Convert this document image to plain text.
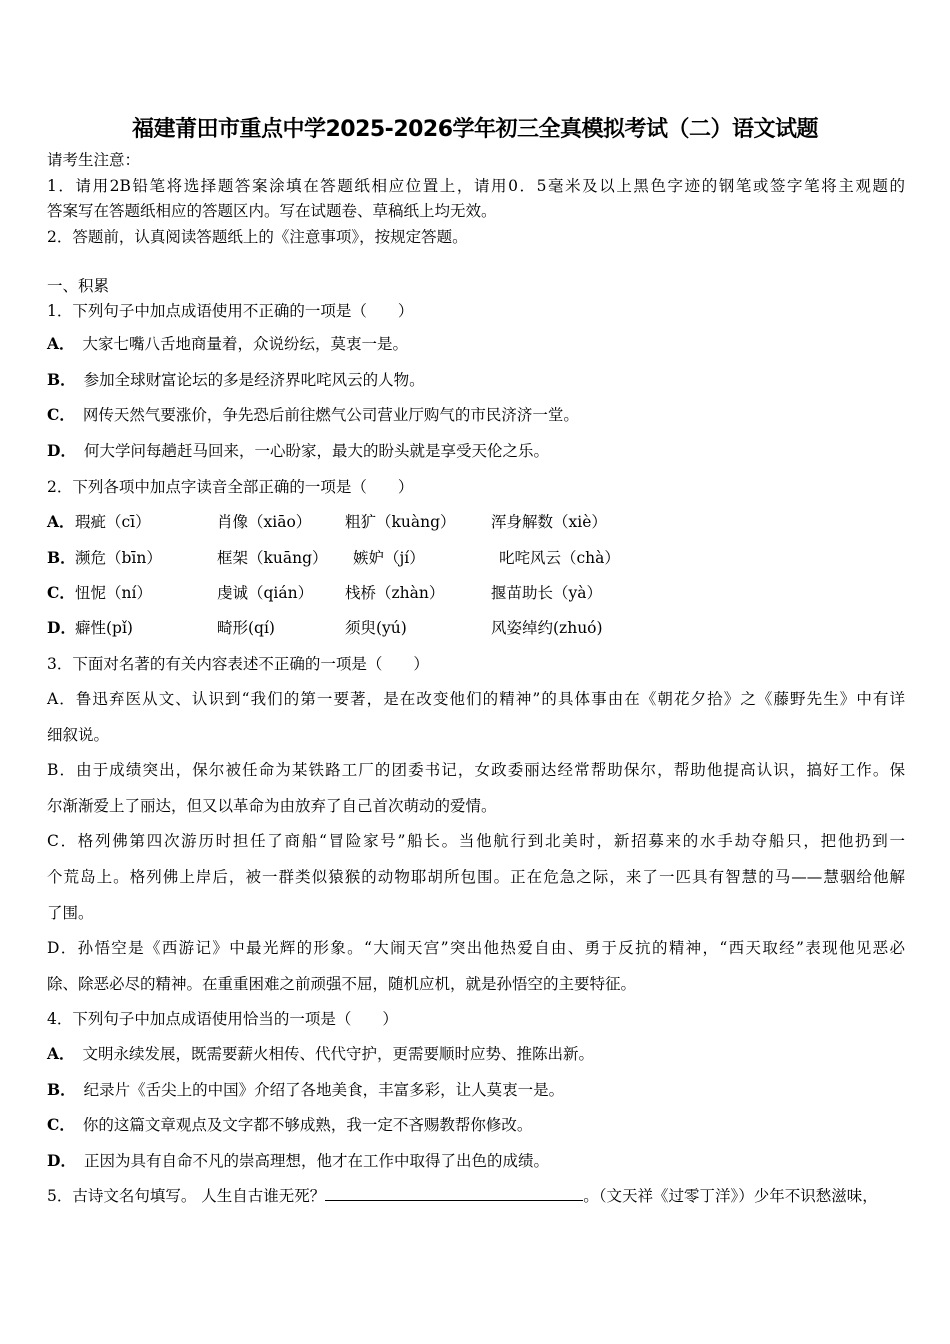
福建莆田市重点中学2025-2026学年初三全真模拟考试（二）语文试题
请考生注意：
1．请用2B铅笔将选择题答案涂填在答题纸相应位置上，请用0．5毫米及以上黑色字迹的钢笔或签字笔将主观题的
答案写在答题纸相应的答题区内。写在试题卷、草稿纸上均无效。
2．答题前，认真阅读答题纸上的《注意事项》，按规定答题。
一、积累
1．下列句子中加点成语使用不正确的一项是（　　）
A． 大家七嘴八舌地商量着，众说纷纭，莫衷一是。
B． 参加全球财富论坛的多是经济界叱咤风云的人物。
C． 网传天然气要涨价，争先恐后前往燃气公司营业厅购气的市民济济一堂。
D． 何大学问每趟赶马回来，一心盼家，最大的盼头就是享受天伦之乐。
2．下列各项中加点字读音全部正确的一项是（　　）
A． 瑕疵（cī）	肖像（xiāo） 粗犷（kuàng） 浑身解数（xiè）
B． 濒危（bīn）	框架（kuāng） 嫉妒（jí）	叱咤风云（chà）
C． 忸怩（ní）	虔诚（qián） 栈桥（zhàn）	揠苗助长（yà）
D． 癖性(pǐ)	畸形(qí)	须臾(yú)	风姿绰约(zhuó)
3．下面对名著的有关内容表述不正确的一项是（　　）
A．鲁迅弃医从文、认识到“我们的第一要著，是在改变他们的精神”的具体事由在《朝花夕拾》之《藤野先生》中有详
细叙说。
B．由于成绩突出，保尔被任命为某铁路工厂的团委书记，女政委丽达经常帮助保尔，帮助他提高认识，搞好工作。保
尔渐渐爱上了丽达，但又以革命为由放弃了自己首次萌动的爱情。
C．格列佛第四次游历时担任了商船“冒险家号”船长。当他航行到北美时，新招募来的水手劫夺船只，把他扔到一
个荒岛上。格列佛上岸后，被一群类似猿猴的动物耶胡所包围。正在危急之际，来了一匹具有智慧的马——慧骃给他解
了围。
D．孙悟空是《西游记》中最光辉的形象。“大闹天宫”突出他热爱自由、勇于反抗的精神，“西天取经”表现他见恶必
除、除恶必尽的精神。在重重困难之前顽强不屈，随机应机，就是孙悟空的主要特征。
4．下列句子中加点成语使用恰当的一项是（　　）
A． 文明永续发展，既需要薪火相传、代代守护，更需要顺时应势、推陈出新。
B． 纪录片《舌尖上的中国》介绍了各地美食，丰富多彩，让人莫衷一是。
C． 你的这篇文章观点及文字都不够成熟，我一定不吝赐教帮你修改。
D． 正因为具有自命不凡的崇高理想，他才在工作中取得了出色的成绩。
5．古诗文名句填写。 人生自古谁无死？	。（文天祥《过零丁洋》）少年不识愁滋味，
